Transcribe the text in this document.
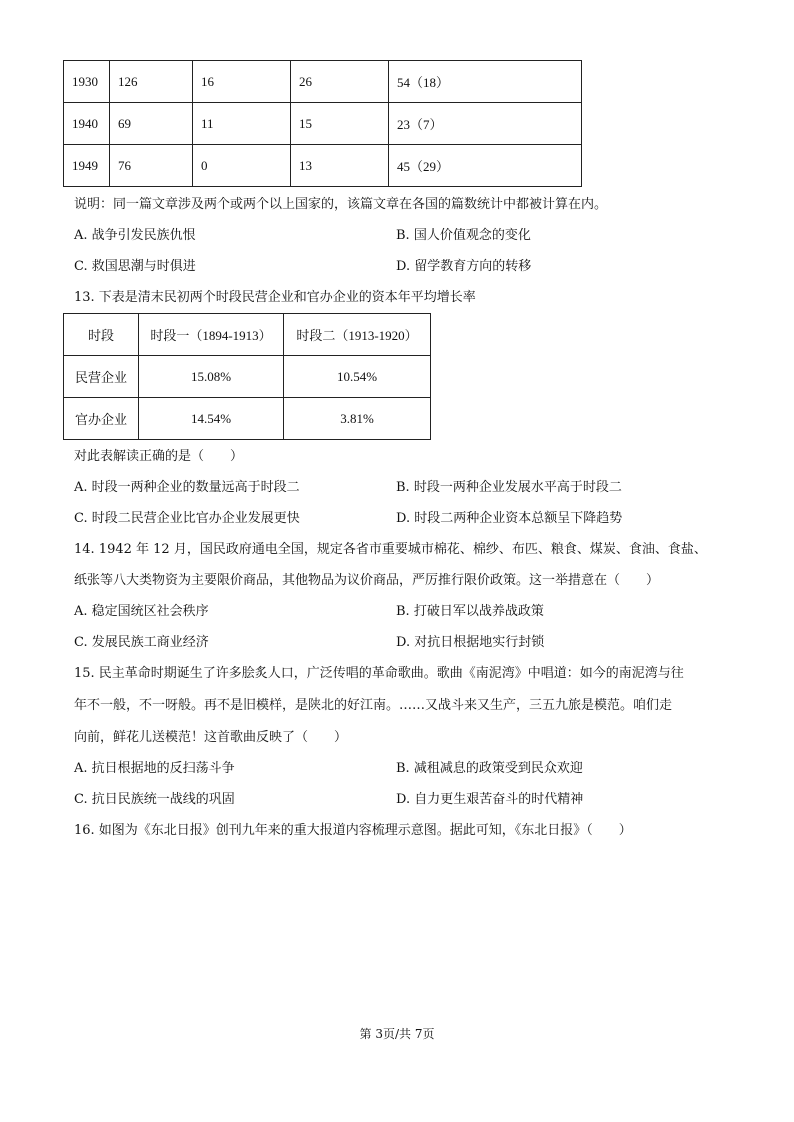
1930	126	16	26	54（18）
1940	69	11	15	23（7）
1949	76	0	13	45（29）
说明：同一篇文章涉及两个或两个以上国家的，该篇文章在各国的篇数统计中都被计算在内。
A. 战争引发民族仇恨	B. 国人价值观念的变化
C. 救国思潮与时俱进	D. 留学教育方向的转移
13. 下表是清末民初两个时段民营企业和官办企业的资本年平均增长率
时段	时段一（1894-1913）	时段二（1913-1920）
民营企业	15.08%	10.54%
官办企业	14.54%	3.81%
对此表解读正确的是（　　）
A. 时段一两种企业的数量远高于时段二	B. 时段一两种企业发展水平高于时段二
C. 时段二民营企业比官办企业发展更快	D. 时段二两种企业资本总额呈下降趋势
14. 1942 年 12 月，国民政府通电全国，规定各省市重要城市棉花、棉纱、布匹、粮食、煤炭、食油、食盐、
纸张等八大类物资为主要限价商品，其他物品为议价商品，严厉推行限价政策。这一举措意在（　　）
A. 稳定国统区社会秩序	B. 打破日军以战养战政策
C. 发展民族工商业经济	D. 对抗日根据地实行封锁
15. 民主革命时期诞生了许多脍炙人口，广泛传唱的革命歌曲。歌曲《南泥湾》中唱道：如今的南泥湾与往
年不一般，不一呀般。再不是旧模样，是陕北的好江南。……又战斗来又生产，三五九旅是模范。咱们走
向前，鲜花儿送模范！这首歌曲反映了（　　）
A. 抗日根据地的反扫荡斗争	B. 减租减息的政策受到民众欢迎
C. 抗日民族统一战线的巩固	D. 自力更生艰苦奋斗的时代精神
16. 如图为《东北日报》创刊九年来的重大报道内容梳理示意图。据此可知，《东北日报》（　　）
第 3页/共 7页
